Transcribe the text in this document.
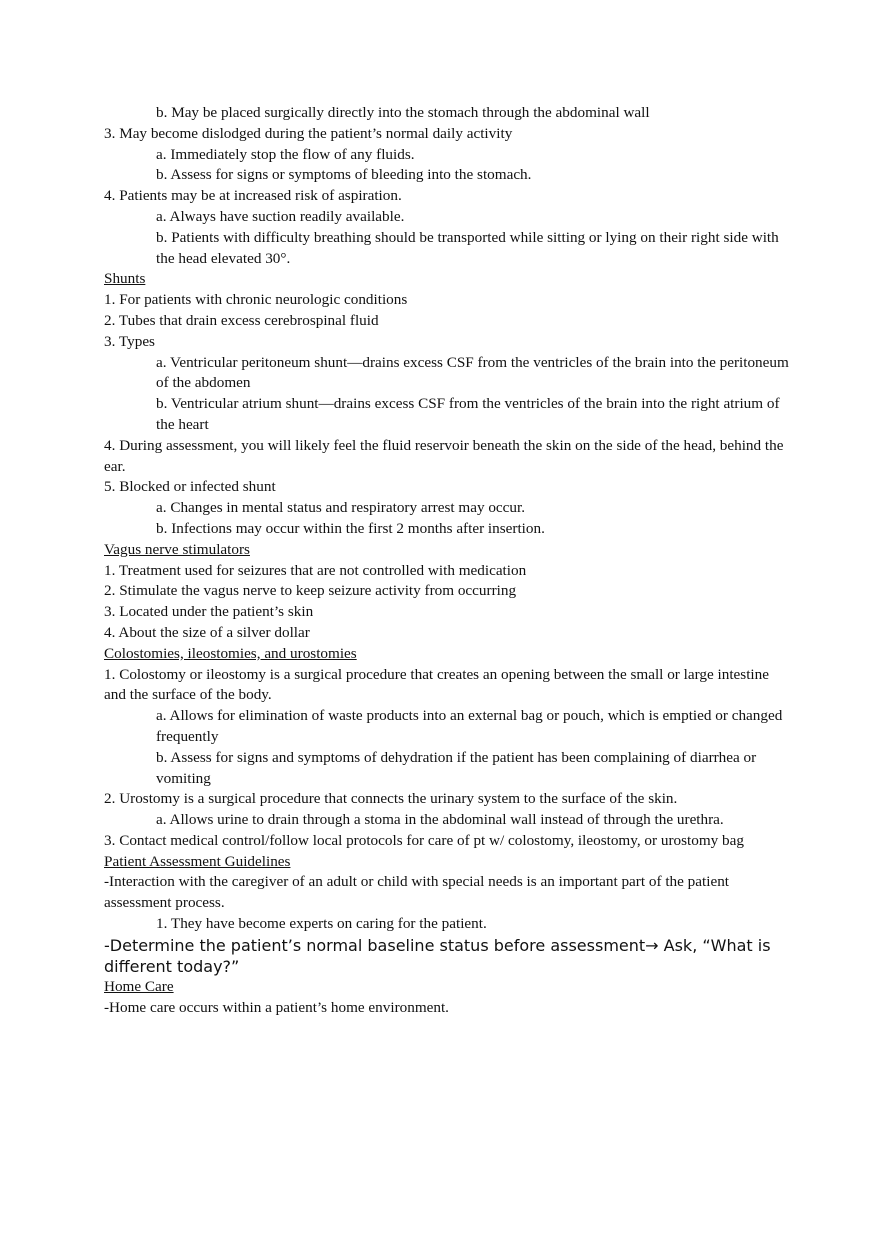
b. May be placed surgically directly into the stomach through the abdominal wall
3. May become dislodged during the patient’s normal daily activity
a. Immediately stop the flow of any fluids.
b. Assess for signs or symptoms of bleeding into the stomach.
4. Patients may be at increased risk of aspiration.
a. Always have suction readily available.
b. Patients with difficulty breathing should be transported while sitting or lying on their right side with the head elevated 30°.
Shunts
1. For patients with chronic neurologic conditions
2. Tubes that drain excess cerebrospinal fluid
3. Types
a. Ventricular peritoneum shunt—drains excess CSF from the ventricles of the brain into the peritoneum of the abdomen
b. Ventricular atrium shunt—drains excess CSF from the ventricles of the brain into the right atrium of the heart
4. During assessment, you will likely feel the fluid reservoir beneath the skin on the side of the head, behind the ear.
5. Blocked or infected shunt
a. Changes in mental status and respiratory arrest may occur.
b. Infections may occur within the first 2 months after insertion.
Vagus nerve stimulators
1. Treatment used for seizures that are not controlled with medication
2. Stimulate the vagus nerve to keep seizure activity from occurring
3. Located under the patient’s skin
4. About the size of a silver dollar
Colostomies, ileostomies, and urostomies
1. Colostomy or ileostomy is a surgical procedure that creates an opening between the small or large intestine and the surface of the body.
a. Allows for elimination of waste products into an external bag or pouch, which is emptied or changed frequently
b. Assess for signs and symptoms of dehydration if the patient has been complaining of diarrhea or vomiting
2. Urostomy is a surgical procedure that connects the urinary system to the surface of the skin.
a. Allows urine to drain through a stoma in the abdominal wall instead of through the urethra.
3. Contact medical control/follow local protocols for care of pt w/ colostomy, ileostomy, or urostomy bag
Patient Assessment Guidelines
-Interaction with the caregiver of an adult or child with special needs is an important part of the patient assessment process.
1. They have become experts on caring for the patient.
-Determine the patient’s normal baseline status before assessment→ Ask, “What is different today?”
Home Care
-Home care occurs within a patient’s home environment.
